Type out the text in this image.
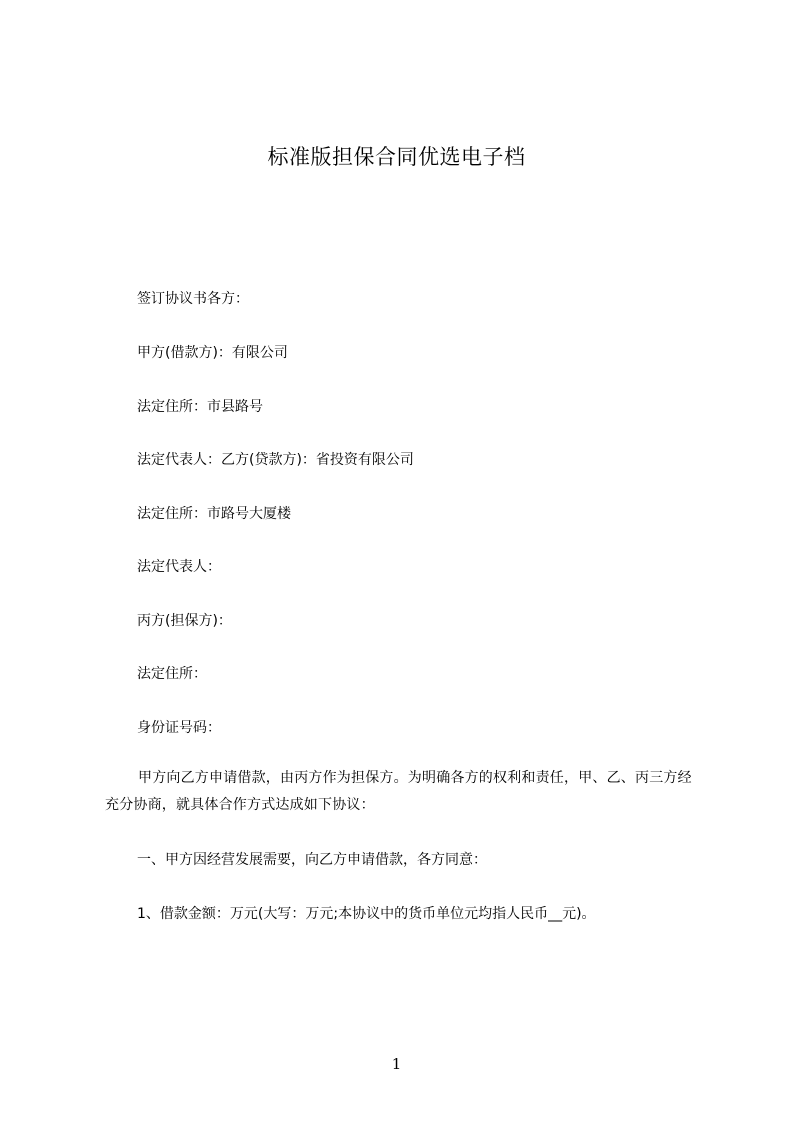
标准版担保合同优选电子档
签订协议书各方：
甲方(借款方)：有限公司
法定住所：市县路号
法定代表人：乙方(贷款方)：省投资有限公司
法定住所：市路号大厦楼
法定代表人：
丙方(担保方)：
法定住所：
身份证号码：
甲方向乙方申请借款，由丙方作为担保方。为明确各方的权利和责任，甲、乙、丙三方经充分协商，就具体合作方式达成如下协议：
一、甲方因经营发展需要，向乙方申请借款，各方同意：
1、借款金额：万元(大写：万元;本协议中的货币单位元均指人民币__元)。
1
